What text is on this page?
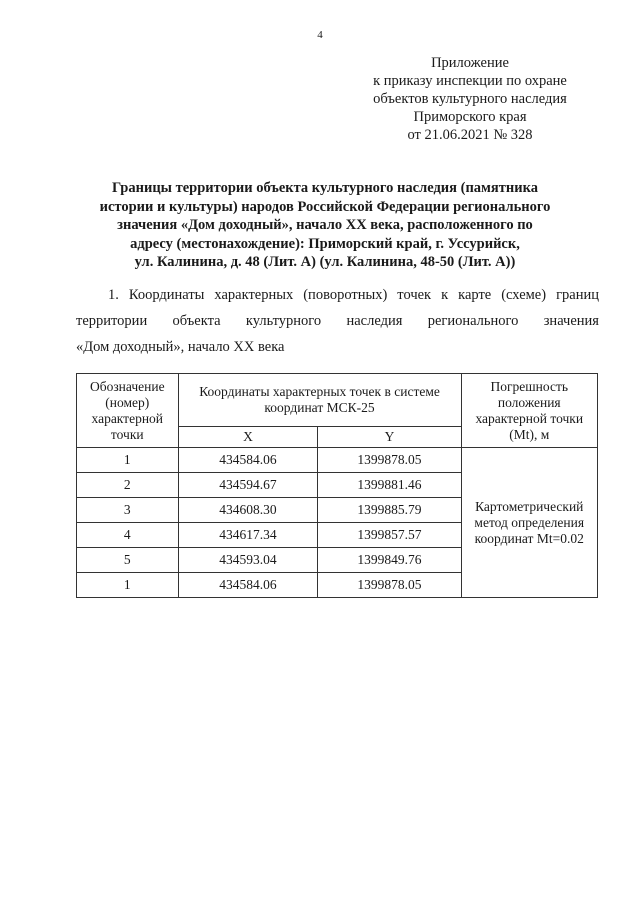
4
Приложение
к приказу инспекции по охране
объектов культурного наследия
Приморского края
от 21.06.2021 № 328
Границы территории объекта культурного наследия (памятника
истории и культуры) народов Российской Федерации регионального
значения «Дом доходный», начало XX века, расположенного по
адресу (местонахождение): Приморский край, г. Уссурийск,
ул. Калинина, д. 48 (Лит. А) (ул. Калинина, 48-50 (Лит. А))
1. Координаты характерных (поворотных) точек к карте (схеме) границ
территории объекта культурного наследия регионального значения
«Дом доходный», начало XX века
Обозначение (номер) характерной точки	Координаты характерных точек в системе координат МСК-25		Погрешность положения характерной точки (Mt), м
	X	Y	
1	434584.06	1399878.05	Картометрический метод определения координат Mt=0.02
2	434594.67	1399881.46	
3	434608.30	1399885.79	
4	434617.34	1399857.57	
5	434593.04	1399849.76	
1	434584.06	1399878.05	
